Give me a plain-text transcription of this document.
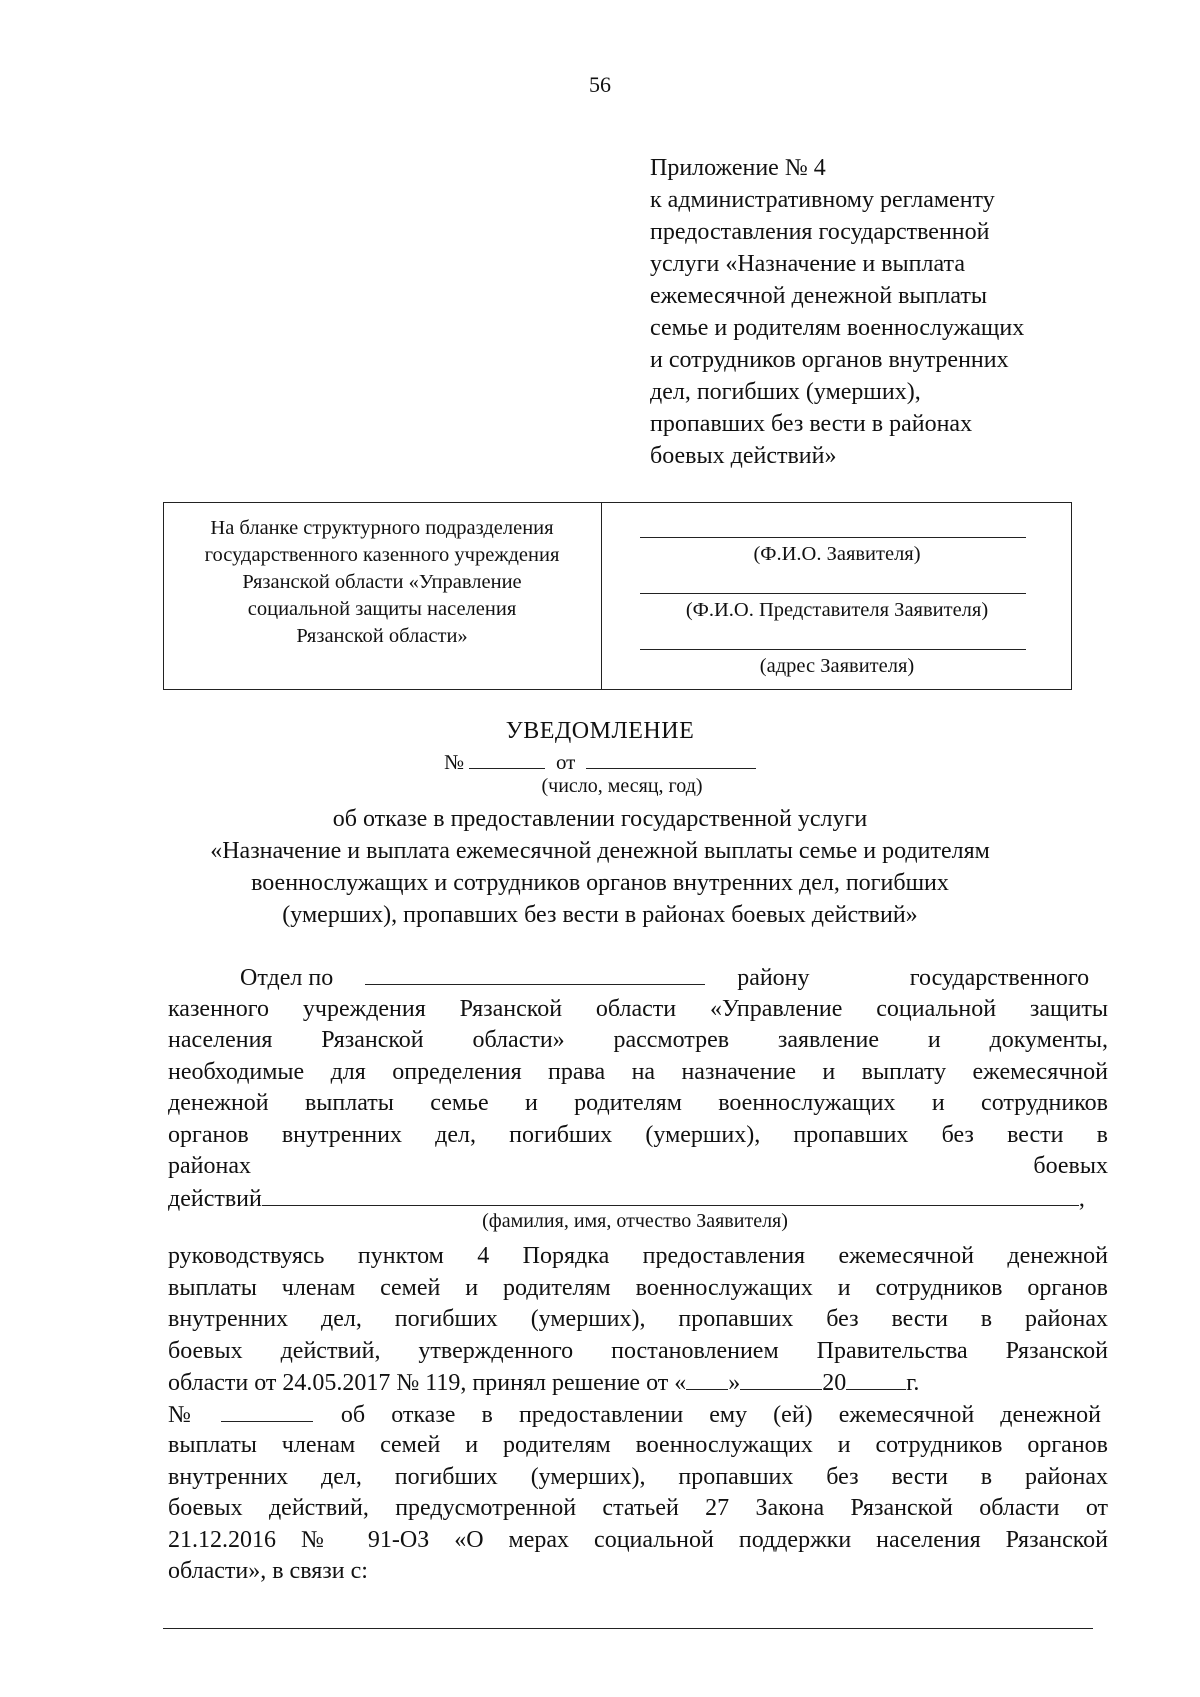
56
Приложение № 4
к административному регламенту
предоставления государственной
услуги «Назначение и выплата
ежемесячной денежной выплаты
семье и родителям военнослужащих
и сотрудников органов внутренних
дел, погибших (умерших),
пропавших без вести в районах
боевых действий»
На бланке структурного подразделения
государственного казенного учреждения
Рязанской области «Управление
социальной защиты населения
Рязанской области»
(Ф.И.О. Заявителя)
(Ф.И.О. Представителя Заявителя)
(адрес Заявителя)
УВЕДОМЛЕНИЕ
№	от
(число, месяц, год)
об отказе в предоставлении государственной услуги
«Назначение и выплата ежемесячной денежной выплаты семье и родителям
военнослужащих и сотрудников органов внутренних дел, погибших
(умерших), пропавших без вести в районах боевых действий»
Отдел по	району государственного
казенного учреждения Рязанской области «Управление социальной защиты
населения Рязанской области» рассмотрев заявление и документы,
необходимые для определения права на назначение и выплату ежемесячной
денежной выплаты семье и родителям военнослужащих и сотрудников
органов внутренних дел, погибших (умерших), пропавших без вести в
районах боевых
действий	,
(фамилия, имя, отчество Заявителя)
руководствуясь пунктом 4 Порядка предоставления ежемесячной денежной
выплаты членам семей и родителям военнослужащих и сотрудников органов
внутренних дел, погибших (умерших), пропавших без вести в районах
боевых действий, утвержденного постановлением Правительства Рязанской
области от 24.05.2017 № 119, принял решение от « »	20	г.
№	об отказе в предоставлении ему (ей) ежемесячной денежной
выплаты членам семей и родителям военнослужащих и сотрудников органов
внутренних дел, погибших (умерших), пропавших без вести в районах
боевых действий, предусмотренной статьей 27 Закона Рязанской области от
21.12.2016 № 91-ОЗ «О мерах социальной поддержки населения Рязанской
области», в связи с:
